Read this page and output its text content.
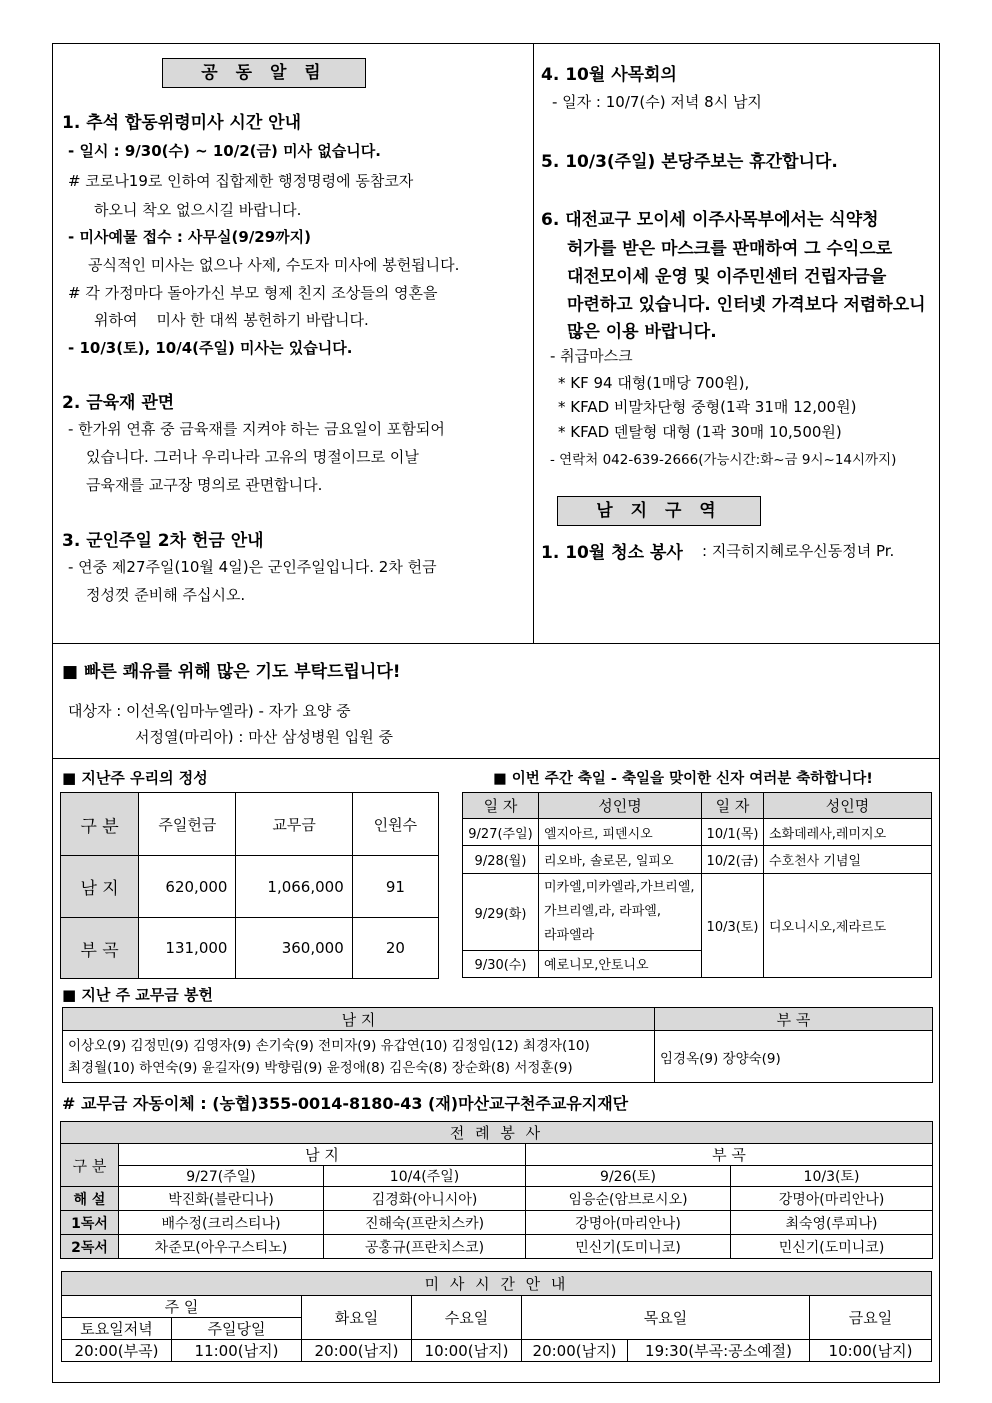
공 동 알 림
1. 추석 합동위령미사 시간 안내
- 일시 : 9/30(수) ~ 10/2(금) 미사 없습니다.
# 코로나19로 인하여 집합제한 행정명령에 동참코자
하오니 착오 없으시길 바랍니다.
- 미사예물 접수 : 사무실(9/29까지)
공식적인 미사는 없으나 사제, 수도자 미사에 봉헌됩니다.
# 각 가정마다 돌아가신 부모 형제 친지 조상들의 영혼을
위하여    미사 한 대씩 봉헌하기 바랍니다.
- 10/3(토), 10/4(주일) 미사는 있습니다.
2. 금육재 관면
- 한가위 연휴 중 금육재를 지켜야 하는 금요일이 포함되어
있습니다. 그러나 우리나라 고유의 명절이므로 이날
금육재를 교구장 명의로 관면합니다.
3. 군인주일 2차 헌금 안내
- 연중 제27주일(10월 4일)은 군인주일입니다. 2차 헌금
정성껏 준비해 주십시오.
4. 10월 사목회의
- 일자 : 10/7(수) 저녁 8시 남지
5. 10/3(주일) 본당주보는 휴간합니다.
6. 대전교구 모이세 이주사목부에서는 식약청
허가를 받은 마스크를 판매하여 그 수익으로
대전모이세 운영 및 이주민센터 건립자금을
마련하고 있습니다. 인터넷 가격보다 저렴하오니
많은 이용 바랍니다.
- 취급마스크
* KF 94 대형(1매당 700원),
* KFAD 비말차단형 중형(1곽 31매 12,00원)
* KFAD 덴탈형 대형 (1곽 30매 10,500원)
- 연락처 042-639-2666(가능시간:화~금 9시~14시까지)
남 지 구 역
1. 10월 청소 봉사 : 지극히지혜로우신동정녀 Pr.
■ 빠른 쾌유를 위해 많은 기도 부탁드립니다!
대상자 : 이선옥(임마누엘라) - 자가 요양 중
서정열(마리아) : 마산 삼성병원 입원 중
■ 지난주 우리의 정성
구 분	주일헌금	교무금	인원수
남 지	620,000	1,066,000	91
부 곡	131,000	360,000	20
■ 이번 주간 축일 - 축일을 맞이한 신자 여러분 축하합니다!
일 자	성인명	일 자	성인명
9/27(주일)	엘지아르, 피덴시오	10/1(목)	소화데레사,레미지오
9/28(월)	리오바, 솔로몬, 일피오	10/2(금)	수호천사 기념일
9/29(화)	미카엘,미카엘라,가브리엘,
가브리엘,라, 라파엘,
라파엘라	10/3(토)	디오니시오,제라르도
9/30(수)	예로니모,안토니오		
■ 지난 주 교무금 봉헌
남 지	부 곡

이상오(9) 김정민(9) 김영자(9) 손기숙(9) 전미자(9) 유갑연(10) 김정임(12) 최경자(10)
최경월(10) 하연숙(9) 윤길자(9) 박향림(9) 윤정애(8) 김은숙(8) 장순화(8) 서정훈(9)	임경옥(9) 장양숙(9)
# 교무금 자동이체 : (농협)355-0014-8180-43 (재)마산교구천주교유지재단
전 례 봉 사				
구 분	남 지		부 곡	
	9/27(주일)	10/4(주일)	9/26(토)	10/3(토)
해 설	박진화(블란디나)	김경화(아니시아)	임응순(암브로시오)	강명아(마리안나)
1독서	배수정(크리스티나)	진해숙(프란치스카)	강명아(마리안나)	최숙영(루피나)
2독서	차준모(아우구스티노)	공홍규(프란치스코)	민신기(도미니코)	민신기(도미니코)
미 사 시 간 안 내						
주 일		화요일	수요일	목요일		금요일
토요일저녁	주일당일					
20:00(부곡)	11:00(남지)	20:00(남지)	10:00(남지)	20:00(남지)	19:30(부곡:공소예절)	10:00(남지)
